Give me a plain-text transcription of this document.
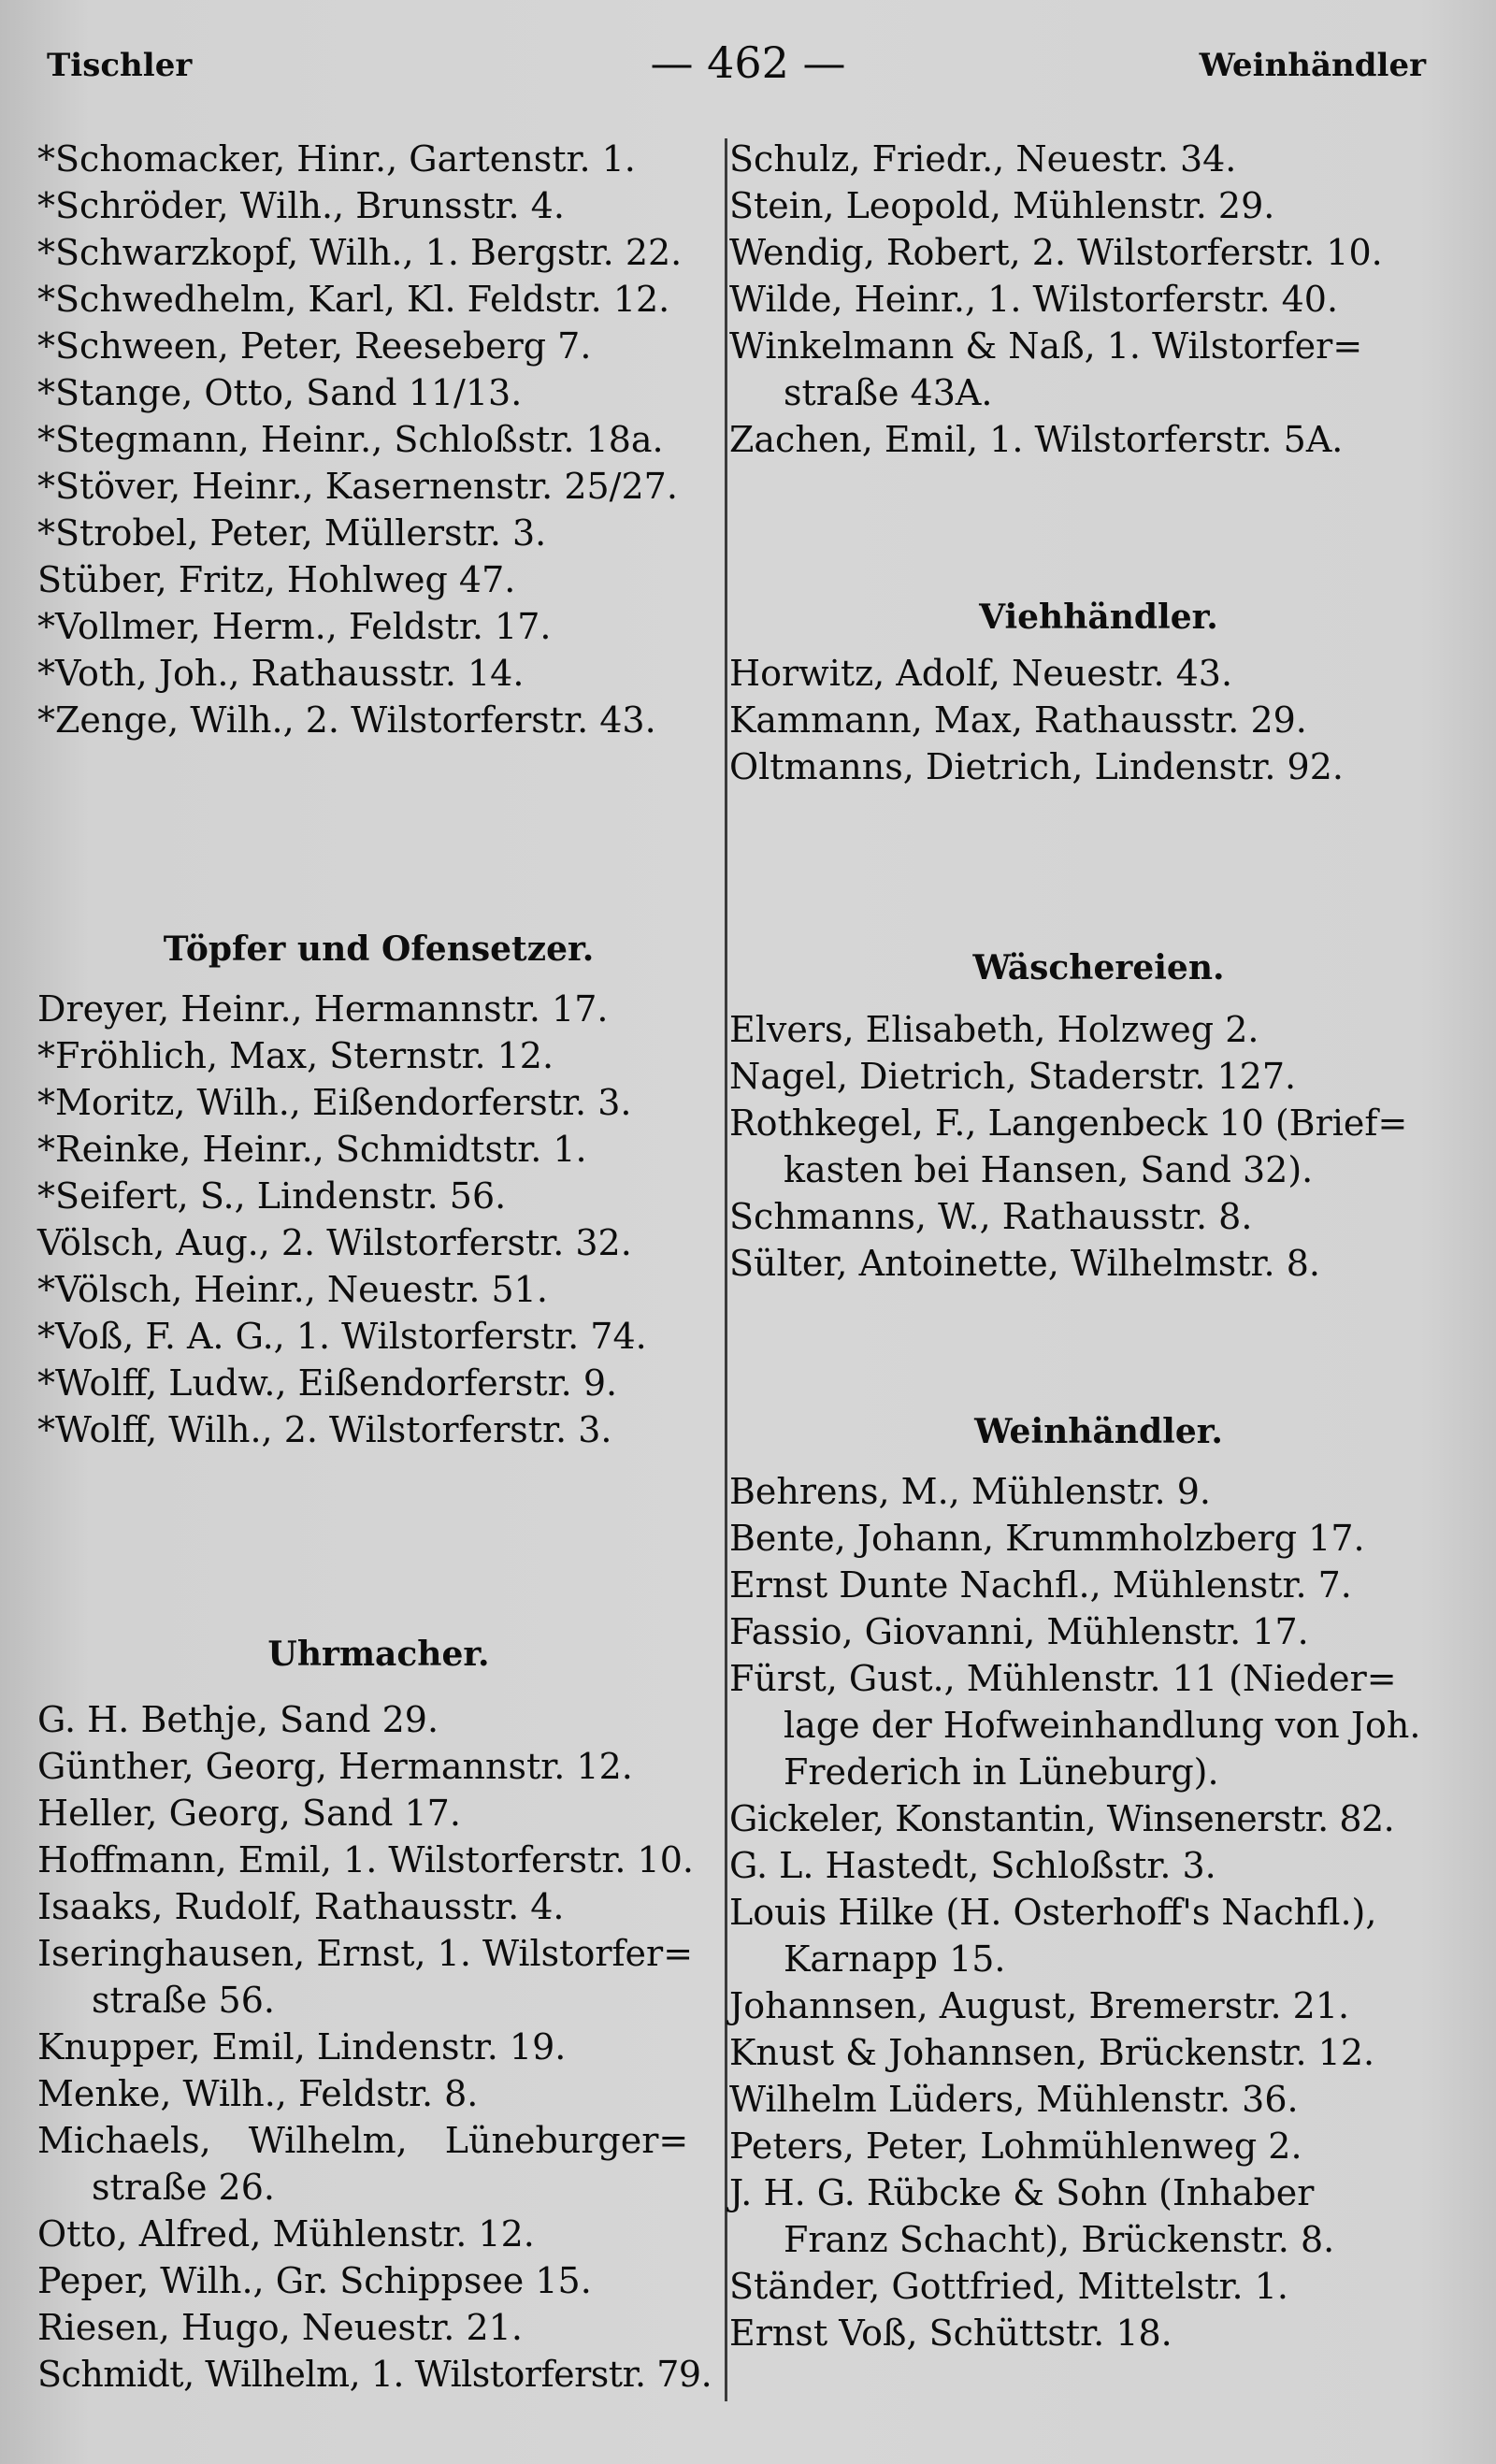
Tischler	— 462 —	Weinhändler
*Schomacker, Hinr., Gartenstr. 1.
*Schröder, Wilh., Brunsstr. 4.
*Schwarzkopf, Wilh., 1. Bergstr. 22.
*Schwedhelm, Karl, Kl. Feldstr. 12.
*Schween, Peter, Reeseberg 7.
*Stange, Otto, Sand 11/13.
*Stegmann, Heinr., Schloßstr. 18a.
*Stöver, Heinr., Kasernenstr. 25/27.
*Strobel, Peter, Müllerstr. 3.
Stüber, Fritz, Hohlweg 47.
*Vollmer, Herm., Feldstr. 17.
*Voth, Joh., Rathausstr. 14.
*Zenge, Wilh., 2. Wilstorferstr. 43.
Töpfer und Ofensetzer.
Dreyer, Heinr., Hermannstr. 17.
*Fröhlich, Max, Sternstr. 12.
*Moritz, Wilh., Eißendorferstr. 3.
*Reinke, Heinr., Schmidtstr. 1.
*Seifert, S., Lindenstr. 56.
Völsch, Aug., 2. Wilstorferstr. 32.
*Völsch, Heinr., Neuestr. 51.
*Voß, F. A. G., 1. Wilstorferstr. 74.
*Wolff, Ludw., Eißendorferstr. 9.
*Wolff, Wilh., 2. Wilstorferstr. 3.
Uhrmacher.
G. H. Bethje, Sand 29.
Günther, Georg, Hermannstr. 12.
Heller, Georg, Sand 17.
Hoffmann, Emil, 1. Wilstorferstr. 10.
Isaaks, Rudolf, Rathausstr. 4.
Iseringhausen, Ernst, 1. Wilstorfer=
straße 56.
Knupper, Emil, Lindenstr. 19.
Menke, Wilh., Feldstr. 8.
Michaels, Wilhelm, Lüneburger=
straße 26.
Otto, Alfred, Mühlenstr. 12.
Peper, Wilh., Gr. Schippsee 15.
Riesen, Hugo, Neuestr. 21.
Schmidt, Wilhelm, 1. Wilstorferstr. 79.
Schulz, Friedr., Neuestr. 34.
Stein, Leopold, Mühlenstr. 29.
Wendig, Robert, 2. Wilstorferstr. 10.
Wilde, Heinr., 1. Wilstorferstr. 40.
Winkelmann & Naß, 1. Wilstorfer=
straße 43A.
Zachen, Emil, 1. Wilstorferstr. 5A.
Viehhändler.
Horwitz, Adolf, Neuestr. 43.
Kammann, Max, Rathausstr. 29.
Oltmanns, Dietrich, Lindenstr. 92.
Wäschereien.
Elvers, Elisabeth, Holzweg 2.
Nagel, Dietrich, Staderstr. 127.
Rothkegel, F., Langenbeck 10 (Brief=
kasten bei Hansen, Sand 32).
Schmanns, W., Rathausstr. 8.
Sülter, Antoinette, Wilhelmstr. 8.
Weinhändler.
Behrens, M., Mühlenstr. 9.
Bente, Johann, Krummholzberg 17.
Ernst Dunte Nachfl., Mühlenstr. 7.
Fassio, Giovanni, Mühlenstr. 17.
Fürst, Gust., Mühlenstr. 11 (Nieder=
lage der Hofweinhandlung von Joh.
Frederich in Lüneburg).
Gickeler, Konstantin, Winsenerstr. 82.
G. L. Hastedt, Schloßstr. 3.
Louis Hilke (H. Osterhoff's Nachfl.),
Karnapp 15.
Johannsen, August, Bremerstr. 21.
Knust & Johannsen, Brückenstr. 12.
Wilhelm Lüders, Mühlenstr. 36.
Peters, Peter, Lohmühlenweg 2.
J. H. G. Rübcke & Sohn (Inhaber
Franz Schacht), Brückenstr. 8.
Ständer, Gottfried, Mittelstr. 1.
Ernst Voß, Schüttstr. 18.
